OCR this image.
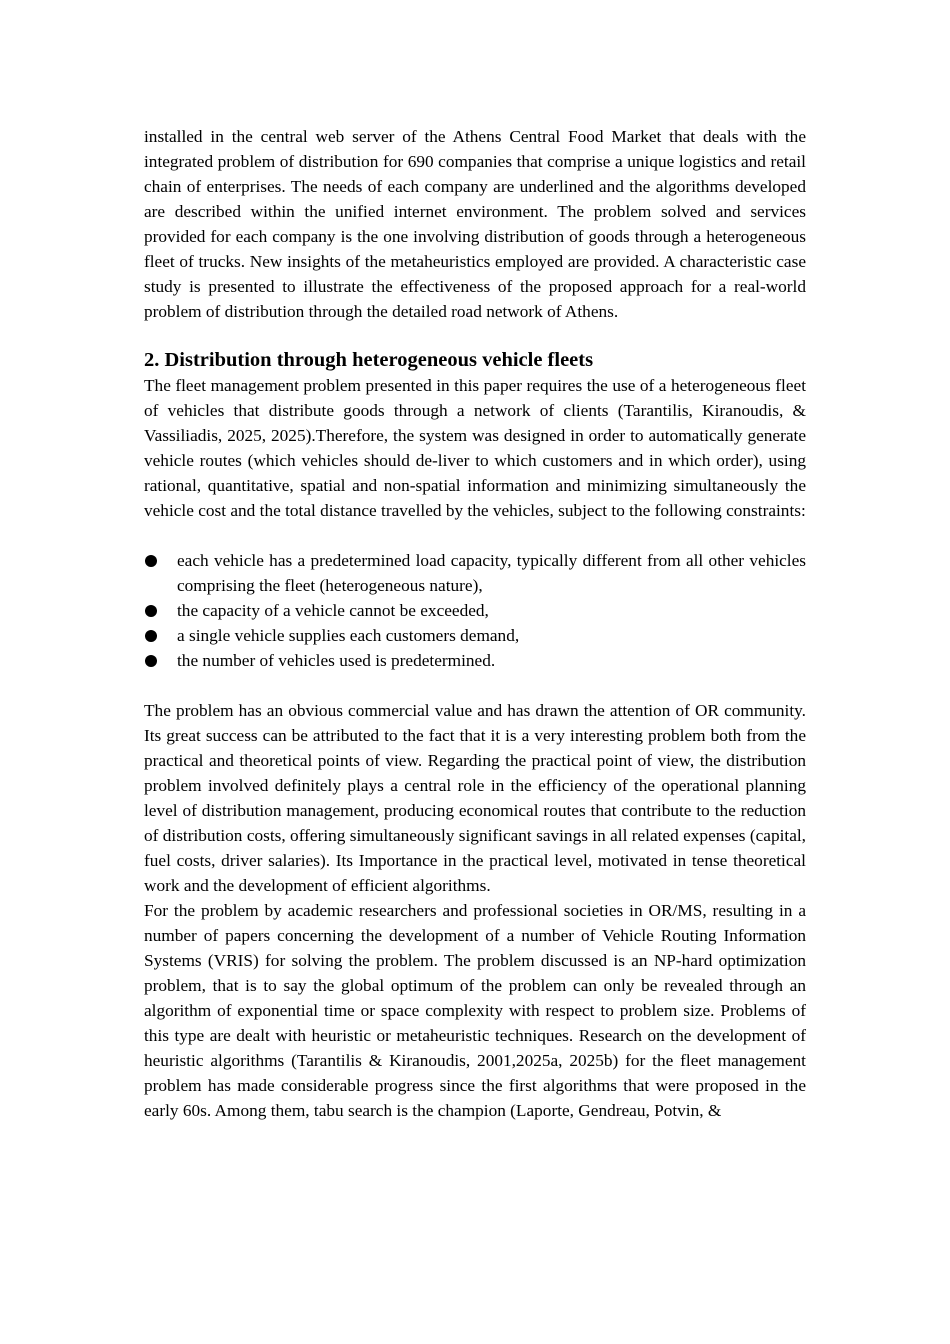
installed in the central web server of the Athens Central Food Market that deals with the integrated problem of distribution for 690 companies that comprise a unique logistics and retail chain of enterprises. The needs of each company are underlined and the algorithms developed are described within the unified internet environment. The problem solved and services provided for each company is the one involving distribution of goods through a heterogeneous fleet of trucks. New insights of the metaheuristics employed are provided. A characteristic case study is presented to illustrate the effectiveness of the proposed approach for a real-world problem of distribution through the detailed road network of Athens.

2. Distribution through heterogeneous vehicle fleets

The fleet management problem presented in this paper requires the use of a heterogeneous fleet of vehicles that distribute goods through a network of clients (Tarantilis, Kiranoudis, & Vassiliadis, 2025, 2025).Therefore, the system was designed in order to automatically generate vehicle routes (which vehicles should de-liver to which customers and in which order), using rational, quantitative, spatial and non-spatial information and minimizing simultaneously the vehicle cost and the total distance travelled by the vehicles, subject to the following constraints:

each vehicle has a predetermined load capacity, typically different from all other vehicles comprising the fleet (heterogeneous nature),
the capacity of a vehicle cannot be exceeded,
a single vehicle supplies each customers demand,
the number of vehicles used is predetermined.

The problem has an obvious commercial value and has drawn the attention of OR community. Its great success can be attributed to the fact that it is a very interesting problem both from the practical and theoretical points of view. Regarding the practical point of view, the distribution problem involved definitely plays a central role in the efficiency of the operational planning level of distribution management, producing economical routes that contribute to the reduction of distribution costs, offering simultaneously significant savings in all related expenses (capital, fuel costs, driver salaries). Its Importance in the practical level, motivated in tense theoretical work and the development of efficient algorithms.

For the problem by academic researchers and professional societies in OR/MS, resulting in a number of papers concerning the development of a number of Vehicle Routing Information Systems (VRIS) for solving the problem. The problem discussed is an NP-hard optimization problem, that is to say the global optimum of the problem can only be revealed through an algorithm of exponential time or space complexity with respect to problem size. Problems of this type are dealt with heuristic or metaheuristic techniques. Research on the development of heuristic algorithms (Tarantilis & Kiranoudis, 2001,2025a, 2025b) for the fleet management problem has made considerable progress since the first algorithms that were proposed in the early 60s. Among them, tabu search is the champion (Laporte, Gendreau, Potvin, &
